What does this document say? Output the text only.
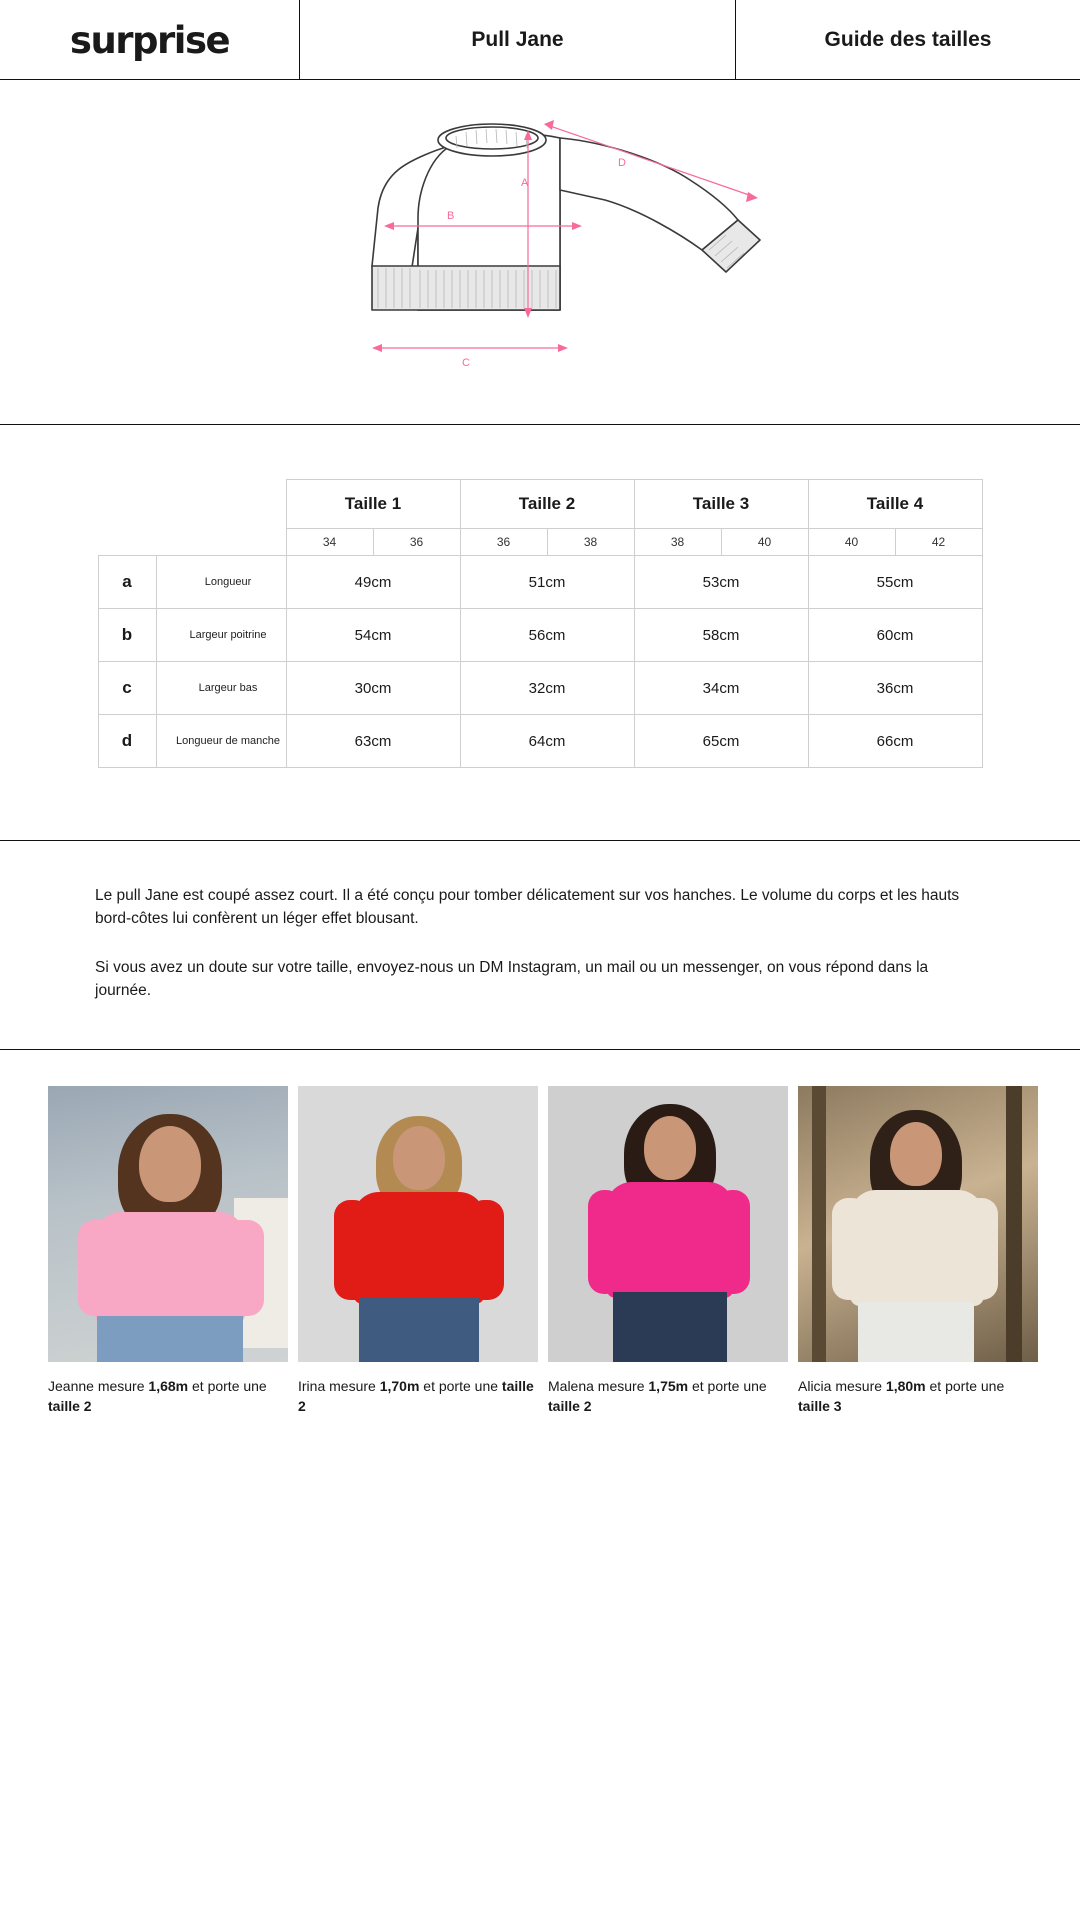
surprise	Pull Jane	Guide des tailles
A
B
C
D
		Taille 1		Taille 2		Taille 3		Taille 4	
		34	36	36	38	38	40	40	42
a	Longueur	49cm		51cm		53cm		55cm	
b	Largeur poitrine	54cm		56cm		58cm		60cm	
c	Largeur bas	30cm		32cm		34cm		36cm	
d	Longueur de manche	63cm		64cm		65cm		66cm	

Le pull Jane est coupé assez court. Il a été conçu pour tomber délicatement sur vos hanches. Le volume du corps et les hauts bord-côtes lui confèrent un léger effet blousant.

Si vous avez un doute sur votre taille, envoyez-nous un DM Instagram, un mail ou un messenger, on vous répond dans la journée.

Jeanne mesure 1,68m et porte une taille 2
Irina mesure 1,70m et porte une taille 2
Malena mesure 1,75m et porte une taille 2
Alicia mesure 1,80m et porte une taille 3
